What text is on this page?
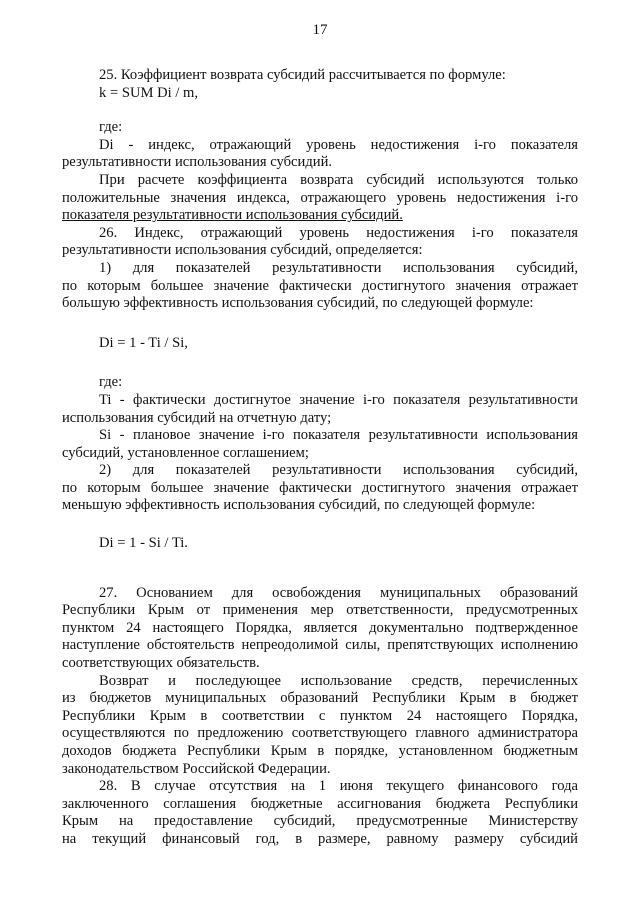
17

25. Коэффициент возврата субсидий рассчитывается по формуле:

k = SUM Di / m,

где:

Di - индекс, отражающий уровень недостижения i-го показателя
результативности использования субсидий.

При расчете коэффициента возврата субсидий используются только
положительные значения индекса, отражающего уровень недостижения i-го
показателя результативности использования субсидий.

26. Индекс, отражающий уровень недостижения i-го показателя
результативности использования субсидий, определяется:

1) для показателей результативности использования субсидий,
по которым большее значение фактически достигнутого значения отражает
большую эффективность использования субсидий, по следующей формуле:

Di = 1 - Ti / Si,

где:

Ti - фактически достигнутое значение i-го показателя результативности
использования субсидий на отчетную дату;

Si - плановое значение i-го показателя результативности использования
субсидий, установленное соглашением;

2) для показателей результативности использования субсидий,
по которым большее значение фактически достигнутого значения отражает
меньшую эффективность использования субсидий, по следующей формуле:

Di = 1 - Si / Ti.

27. Основанием для освобождения муниципальных образований
Республики Крым от применения мер ответственности, предусмотренных
пунктом 24 настоящего Порядка, является документально подтвержденное
наступление обстоятельств непреодолимой силы, препятствующих исполнению
соответствующих обязательств.

Возврат и последующее использование средств, перечисленных
из бюджетов муниципальных образований Республики Крым в бюджет
Республики Крым в соответствии с пунктом 24 настоящего Порядка,
осуществляются по предложению соответствующего главного администратора
доходов бюджета Республики Крым в порядке, установленном бюджетным
законодательством Российской Федерации.

28. В случае отсутствия на 1 июня текущего финансового года
заключенного соглашения бюджетные ассигнования бюджета Республики
Крым на предоставление субсидий, предусмотренные Министерству
на текущий финансовый год, в размере, равному размеру субсидий
